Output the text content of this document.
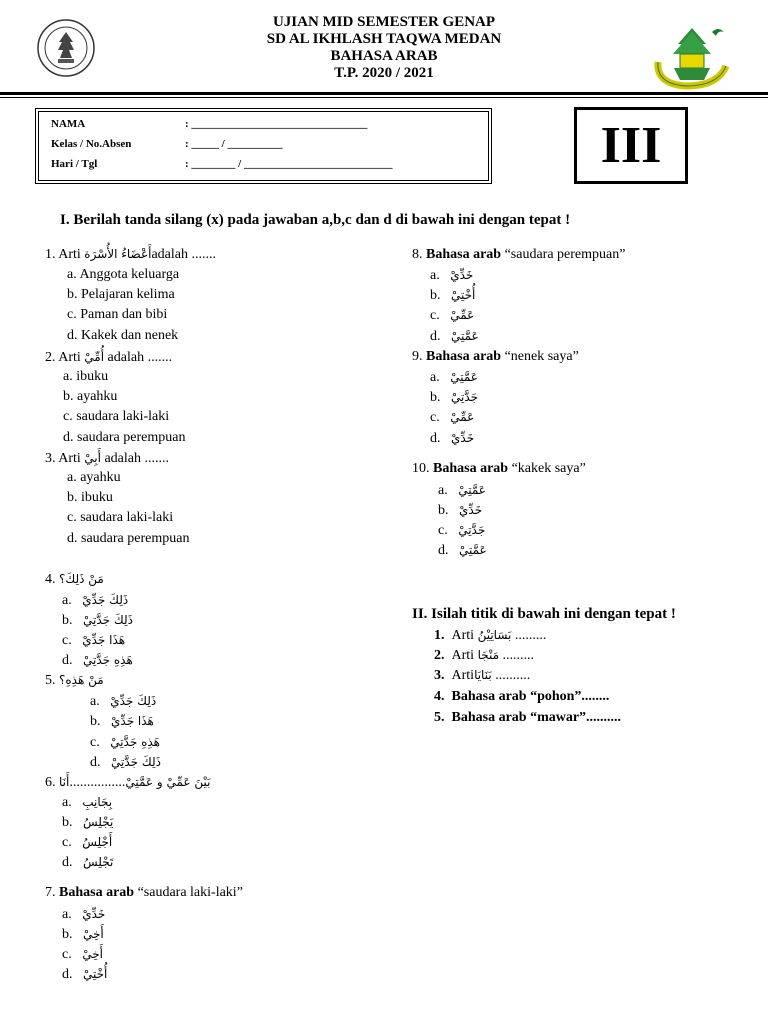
UJIAN MID SEMESTER GENAP
SD AL IKHLASH TAQWA MEDAN
BAHASA ARAB
T.P. 2020 / 2021
NAMA	: ________________________________
Kelas / No.Absen	: _____ / __________
Hari / Tgl	: ________ / ___________________________	III
I. Berilah tanda silang (x) pada jawaban a,b,c dan d di bawah ini dengan tepat !
1. Arti أَعْضَاءُ الأُسْرَةadalah .......
a. Anggota keluarga
b. Pelajaran kelima
c. Paman dan bibi
d. Kakek dan nenek
2. Arti أُمِّيْ adalah .......
a. ibuku
b. ayahku
c. saudara laki-laki
d. saudara perempuan
3. Arti أَبِيْ adalah .......
a. ayahku
b. ibuku
c. saudara laki-laki
d. saudara perempuan
4. مَنْ ذَلِكَ؟
a. ذَلِكَ جَدِّيْ
b. ذَلِكَ جَدَّتِيْ
c. هَذَا جَدِّيْ
d. هَذِهِ جَدَّتِيْ
5. مَنْ هَذِهِ؟
a. ذَلِكَ جَدِّيْ
b. هَذَا جَدِّيْ
c. هَذِهِ جَدَّتِيْ
d. ذَلِكَ جَدَّتِيْ
6.	بَيْنَ عَمِّيْ و عَمَّتِيْ................أَنَا
a. بِجَانِبِ
b. يَجْلِسُ
c. أَجْلِسُ
d. تَجْلِسُ
7. Bahasa arab “saudara laki-laki”
a. خَدِّيْ
b. أَخِيْ
c. أَخِيْ
d. أُخْتِيْ
8. Bahasa arab “saudara perempuan”
a. خَدِّيْ
b. أُخْتِيْ
c. عَمِّيْ
d. عَمَّتِيْ
9. Bahasa arab “nenek saya”
a. عَمَّتِيْ
b. جَدَّتِيْ
c. عَمِّيْ
d. خَدِّيْ
10. Bahasa arab “kakek saya”
a. عَمَّتِيْ
b. خَدِّيْ
c. جَدَّتِيْ
d. عَمَّتِيْ
II. Isilah titik di bawah ini dengan tepat !
1. Arti بَسَاتِيْنُ .........
2. Arti مَنْجَا .........
3. Artiبَنَايَا ..........
4. Bahasa arab “pohon”........
5. Bahasa arab “mawar”..........
